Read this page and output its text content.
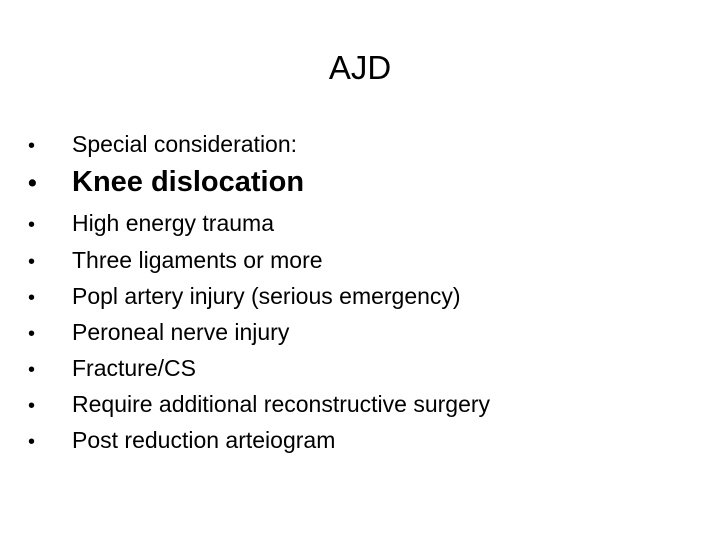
AJD
•	Special consideration:
•	Knee dislocation
•	High energy trauma
•	Three ligaments or more
•	Popl artery injury (serious emergency)
•	Peroneal nerve injury
•	Fracture/CS
•	Require additional reconstructive surgery
•	Post reduction arteiogram
